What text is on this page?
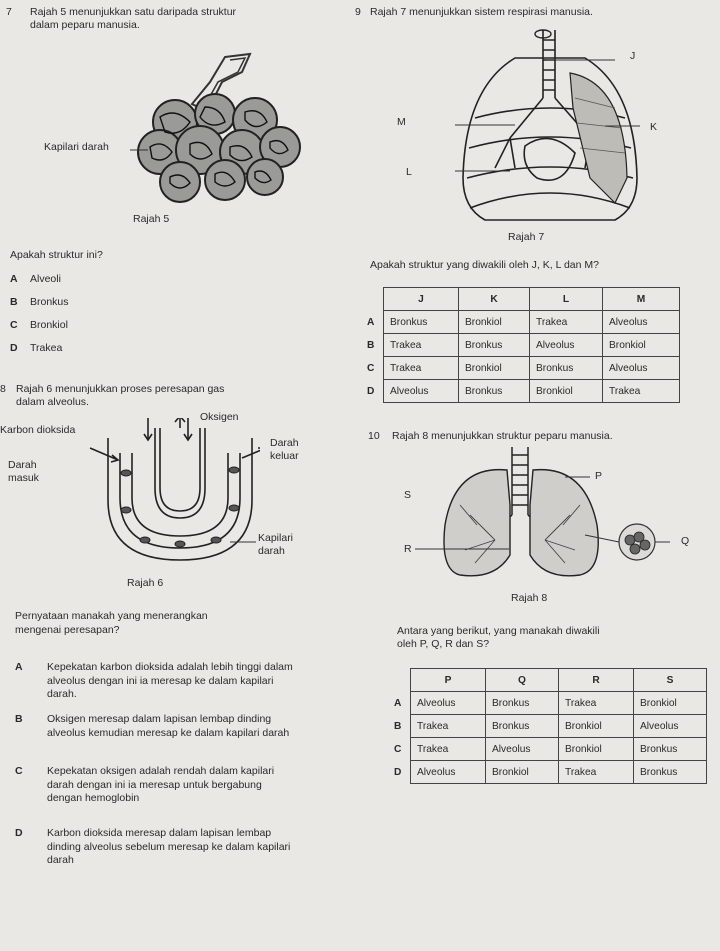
7 Rajah 5 menunjukkan satu daripada struktur
dalam peparu manusia.
Kapilari darah
Rajah 5
Apakah struktur ini?
A Alveoli
B Bronkus
C Bronkiol
D Trakea
8 Rajah 6 menunjukkan proses peresapan gas
dalam alveolus.
Karbon dioksida
Oksigen
Darah
keluar
Darah
masuk
Kapilari
darah
Rajah 6
Pernyataan manakah yang menerangkan
mengenai peresapan?
A Kepekatan karbon dioksida adalah lebih tinggi dalam alveolus dengan ini ia meresap ke dalam kapilari darah.
B Oksigen meresap dalam lapisan lembap dinding alveolus kemudian meresap ke dalam kapilari darah
C Kepekatan oksigen adalah rendah dalam kapilari darah dengan ini ia meresap untuk bergabung dengan hemoglobin
D Karbon dioksida meresap dalam lapisan lembap dinding alveolus sebelum meresap ke dalam kapilari darah
9 Rajah 7 menunjukkan sistem respirasi manusia.
J
M	K
L
Rajah 7
Apakah struktur yang diwakili oleh J, K, L dan M?
	J	K	L	M
A	Bronkus	Bronkiol	Trakea	Alveolus
B	Trakea	Bronkus	Alveolus	Bronkiol
C	Trakea	Bronkiol	Bronkus	Alveolus
D	Alveolus	Bronkus	Bronkiol	Trakea
10 Rajah 8 menunjukkan struktur peparu manusia.
P
S
R
Q
Rajah 8
Antara yang berikut, yang manakah diwakili
oleh P, Q, R dan S?
	P	Q	R	S
A	Alveolus	Bronkus	Trakea	Bronkiol
B	Trakea	Bronkus	Bronkiol	Alveolus
C	Trakea	Alveolus	Bronkiol	Bronkus
D	Alveolus	Bronkiol	Trakea	Bronkus
